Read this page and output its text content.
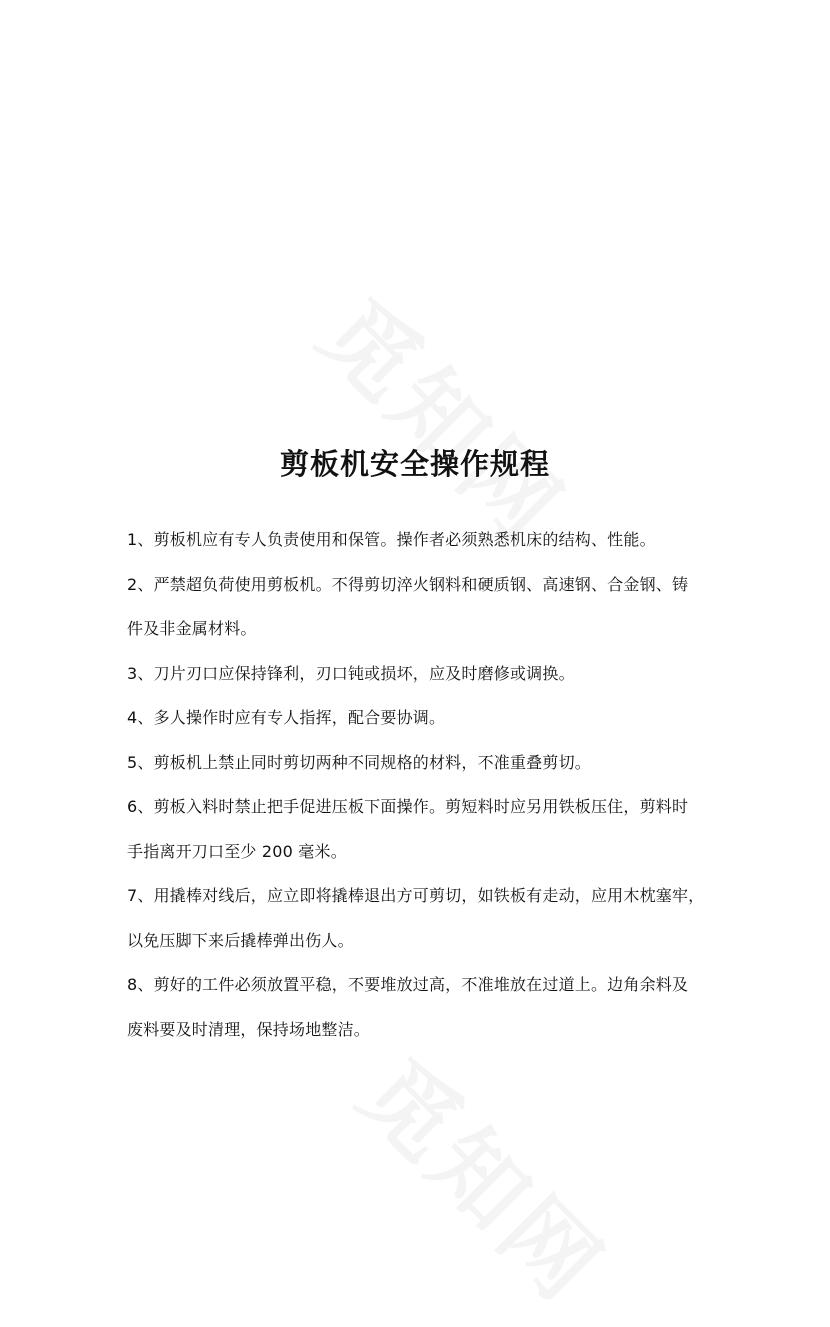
剪板机安全操作规程
1、剪板机应有专人负责使用和保管。操作者必须熟悉机床的结构、性能。
2、严禁超负荷使用剪板机。不得剪切淬火钢料和硬质钢、高速钢、合金钢、铸
件及非金属材料。
3、刀片刃口应保持锋利，刃口钝或损坏，应及时磨修或调换。
4、多人操作时应有专人指挥，配合要协调。
5、剪板机上禁止同时剪切两种不同规格的材料，不准重叠剪切。
6、剪板入料时禁止把手促进压板下面操作。剪短料时应另用铁板压住，剪料时
手指离开刀口至少 200 毫米。
7、用撬棒对线后，应立即将撬棒退出方可剪切，如铁板有走动，应用木枕塞牢，
以免压脚下来后撬棒弹出伤人。
8、剪好的工件必须放置平稳，不要堆放过高，不准堆放在过道上。边角余料及
废料要及时清理，保持场地整洁。
